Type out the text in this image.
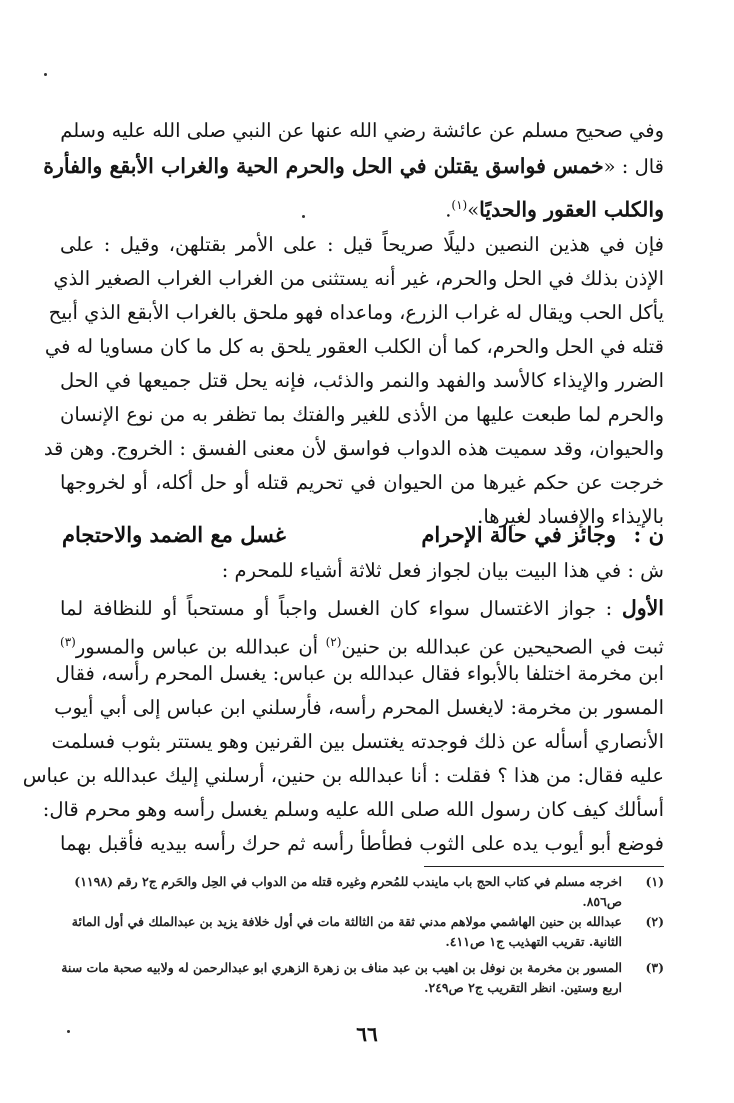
وفي صحيح مسلم عن عائشة رضي الله عنها عن النبي صلى الله عليه وسلم
قال : «خمس فواسق يقتلن في الحل والحرم الحية والغراب الأبقع والفأرة
والكلب العقور والحديًا»$^{(١)}$.
فإن في هذين النصين دليلًا صريحاً قيل : على الأمر بقتلهن، وقيل : على
الإذن بذلك في الحل والحرم، غير أنه يستثنى من الغراب الغراب الصغير الذي
يأكل الحب ويقال له غراب الزرع، وماعداه فهو ملحق بالغراب الأبقع الذي أبيح
قتله في الحل والحرم، كما أن الكلب العقور يلحق به كل ما كان مساويا له في
الضرر والإيذاء كالأسد والفهد والنمر والذئب، فإنه يحل قتل جميعها في الحل
والحرم لما طبعت عليها من الأذى للغير والفتك بما تظفر به من نوع الإنسان
والحيوان، وقد سميت هذه الدواب فواسق لأن معنى الفسق : الخروج. وهن قد
خرجت عن حكم غيرها من الحيوان في تحريم قتله أو حل أكله، أو لخروجها
بالإيذاء والإفساد لغيرها.
ن :
وجائز في حالة الإحرام
غسل مع الضمد والاحتجام
ش : في هذا البيت بيان لجواز فعل ثلاثة أشياء للمحرم :
الأول : جواز الاغتسال سواء كان الغسل واجباً أو مستحباً أو للنظافة لما
ثبت في الصحيحين عن عبدالله بن حنين$^{(٢)}$ أن عبدالله بن عباس والمسور$^{(٣)}$
ابن مخرمة اختلفا بالأبواء فقال عبدالله بن عباس: يغسل المحرم رأسه، فقال
المسور بن مخرمة: لايغسل المحرم رأسه، فأرسلني ابن عباس إلى أبي أيوب
الأنصاري أسأله عن ذلك فوجدته يغتسل بين القرنين وهو يستتر بثوب فسلمت
عليه فقال: من هذا ؟ فقلت : أنا عبدالله بن حنين، أرسلني إليك عبدالله بن عباس
أسألك كيف كان رسول الله صلى الله عليه وسلم يغسل رأسه وهو محرم قال:
فوضع أبو أيوب يده على الثوب فطأطأ رأسه ثم حرك رأسه بيديه فأقبل بهما
(١)
اخرجه مسلم في كتاب الحج باب مايندب للمُحرم وغيره قتله من الدواب في الحِل والحَرم ج٢ رقم (١١٩٨) ص٨٥٦.
(٢)
عبدالله بن حنين الهاشمي مولاهم مدني ثقة من الثالثة مات في أول خلافة يزيد بن عبدالملك في أول المائة الثانية. تقريب التهذيب ج١ ص٤١١.
(٣)
المسور بن مخرمة بن نوفل بن اهيب بن عبد مناف بن زهرة الزهري ابو عبدالرحمن له ولابيه صحبة مات سنة اربع وستين. انظر التقريب ج٢ ص٢٤٩.
٦٦
